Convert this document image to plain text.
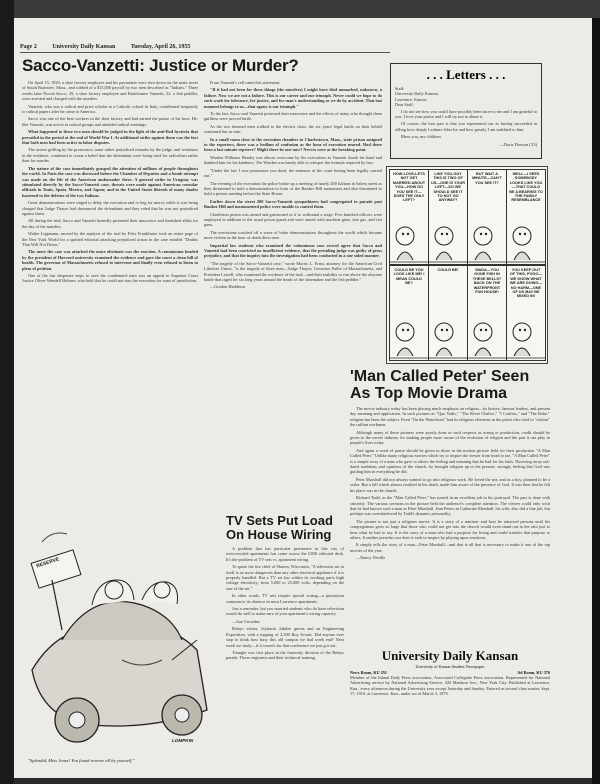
Page 2	University Daily Kansan	Tuesday, April 26, 1955
Sacco-Vanzetti: Justice or Murder?

On April 15, 1920, a shoe factory employee and his paymaster were shot down on the main street of South Braintree, Mass., and robbed of a $15,000 payroll by two men described as "Italians." Three weeks later Nicola Sacco, 29, a shoe factory employee and Bartolomeo Vanzetti, 32, a fish peddler, were arrested and charged with the murders.

Vanzetti, who was a radical and prize scholar at a Catholic school in Italy, contributed frequently to radical papers after he came to America.

Sacco was one of the best workers in the shoe factory and had earned the praise of his boss. He, like Vanzetti, was active in radical groups and attended radical meetings.

What happened to these two men should be judged in the light of the anti-Red hysteria that prevailed in the period at the end of World War I. At additional strike against them was the fact that both men had been active in labor disputes.

The severe grilling by the prosecutor, some rather prejudiced remarks by the judge, and weakness in the evidence, combined to create a belief that the defendants were being tried for radicalism rather than for murder.

The nature of the case immediately grasped the attention of millions of people throughout the world. In Paris the case was discussed before the Chamber of Deputies and a bomb attempt was made on the life of the American ambassador there. A general strike in Uruguay was stimulated directly by the Sacco-Vanzetti case; threats were made against American consular officials in Tunis, Spain, Mexico, and Japan; and in the United States liberals of many shades hastened to the defense of the two Italians.

Great demonstrations were staged to delay the execution and to beg for mercy while it was being charged that Judge Thayer had denounced the defendants and they ruled that he was not prejudiced against them.

All during the trial, Sacco and Vanzetti heatedly protested their innocence and furnished alibis for the day of the murders.

Walter Lippmann, moved by the analysis of the trial by Felix Frankfurter took an entire page of the New York World for a spirited editorial attacking prejudiced action in the case entitled "Doubts That Will Not Down."

The more the case was attacked the more obstinate was the reaction. A commission headed by the president of Harvard university examined the evidence and gave the court a clean bill of health. The governor of Massachusetts refused to intervene and finally even refused to listen to pleas of petition.

One of the last desperate steps to save the condemned men was an appeal to Supreme Court Justice Oliver Wendell Holmes, who held that he could not stay the execution for want of jurisdiction.

From Vanzetti's cell came this statement:

"If it had not been for these things (the murders) I might have died unmarked, unknown, a failure. Now we are not a failure. This is our career and our triumph. Never could we hope to do such work for tolerance, for justice, and for man's understanding as we do by accident. That last moment belongs to us—that agony is our triumph."

To the last, Sacco and Vanzetti protested their innocence and the effects of many who thought them guiltless were proved futile.

As the two doomed men walked to the electric chair, the six years' legal battle on their behalf continued but in vain.

In a small room close to the execution chamber in Charlestown, Mass., state prison assigned to the reporters, there was a bedlam of confusion as the hour of execution neared. Had there been a last minute reprieve? Might there be one now? Nerves were at the breaking point.

Warden Williams Hendry was almost overcome by the executions as Vanzetti shook his hand and thanked him for his kindness. The Warden was barely able to whisper the formula required by law:

"Under the law I now pronounce you dead, the sentence of the court having been legally carried out."

The evening of the execution the police broke up a meeting of nearly 200 Italians in Salem street as they threatened to hold a demonstration in front of the Bunker Hill monument and also threatened to hold a protest meeting before the State House.

Earlier down the street 200 Sacco-Vanzetti sympathizers had congregated to parade past Bunker Hill and monumented police were unable to control them.

Charleston prison was armed and garrisoned as if to withstand a siege. Five hundred officers were employed in addition to the usual prison guard and were armed with machine guns, tear gas, and riot guns.

The executions touched off a wave of bitter demonstrations throughout the world which became more violent as the hour of death drew near.

Impartial law students who examined the voluminous case record agree that Sacco and Vanzetti had been convicted on insufficient evidence, that the presiding judge was guilty of gross prejudice, and that the inquiry into the investigation had been conducted in a one sided manner.

"The tragedy of the Sacco-Vanzetti case," wrote Morris L. Ernst, attorney for the American Civil Liberties Union, "is the tragedy of three men—Judge Thayer, Governor Fuller of Massachusetts, and President Lowell, who examined the evidence of the trial—and their inability to rise above the obscene battle that raged for six long years around the heads of the shoemaker and the fish peddler."

—Gordon Haddison

. . . Letters . . .
Staff:
University Daily Kansan,
Lawrence, Kansas
Dear Staff:

I do not see how you could have possibly been nicer to me and I am grateful to you. I love your praise and I will try not to abuse it.

Of course, the best part is that you represented me as having succeeded in telling how deeply I admire John Ise and how greatly I am indebted to him.

Bless you, my children.

—Doris Fleeson ('23)
HOW-LOVE-LETS NOT GET MARRIED ABOUT YOU—HOW DO YOU SEE IT—DOES THE ONLY LEFT?
LIKE YOU-GUY THIS IS TWO OF US—ONE IS YOUR LEFT—SO WE SHOULD SEE IT TO NOT GO ANYWAY?
BUT WAIT A MINUTE—CAN'T YOU SEE IT?
WELL—I SEES SOMEBODY LOOKS LIKE YOU—THAT COULD BE A BEARING TO THE FAMILY RESEMBLANCE
COULD BE YOU LOOK LIKE ME! I MEAN COULD BE?
COULD BE!	WADA—YOU GONE FISH IN THESE BELLS? BACK ON THE WATERFRONT FUN HOUSE!
YOU KEEP OUT OF THIS, POGO—WE KNOW WHAT WE ARE DOING—NO HARM—ONE OF US MAY BE MIXED IN!
'Man Called Peter' Seen As Top Movie Drama

The movie industry today has been placing much emphasis on religion—its history, famous leaders, and present day meaning and application. In such pictures as "Quo Vadis," "The Silver Chalice," "I Confess," and "The Robe," religion has been the subject. Even "On the Waterfront" had its religious elements in the priest who tried to "reform" the ruffian workmen.

Although many of these pictures were poorly done in such respects as acting or production, credit should be given to the movie industry for making people more aware of the evolution of religion and the part it can play in people's lives today.

And again a word of praise should be given to those in the motion picture field for their production "A Man Called Peter." Unlike many religious movies which try to inspire the viewer from head to toe, "A Man Called Peter" is a simple story of a man who gave to others the feeling and meaning that he had for his faith. Throwing away out-dated traditions and opinions of the church, he brought religion up to the present, strongly feeling that God was guiding him in everything he did.

Peter Marshall did not always wanted to go into religious work. He loved the sea, and as a boy, planned to be a sailor. But a fall which almost resulted in his death, made him aware of the presence of God. It was then that he felt his place was in the church.

Richard Todd, as the "Man Called Peter," has turned in an excellent job in his portrayal. The part is done with sincerity. The various sermons in the picture held the audience's complete attention. The viewer could only wish that he had known such a man as Peter Marshall. Jean Peters as Catherine Marshall, his wife, also did a fine job, but perhaps was overshadowed by Todd's dynamic personality.

The picture is not just a religious movie. It is a story of a minister and how he attracted persons until his congregations grew so large that those who could not get into the church would even stand out in the rain just to hear what he had to say. It is the story of a man who had a purpose for living and could transfer that purpose to others. It neither preaches nor does it seek to inspire by playing upon emotions.

It simply tells the story of a man—Peter Marshall—and that is all that is necessary to make it one of the top movies of the year.

—Nancy Neville

RESERVE
LOMPKIN
"Splendid, Miss Jones! You found reverse all by yourself."
TV Sets Put Load On House Wiring

A problem that has particular pertinence in this city of overcrowded apartments has come across the UDK editorial desk. It's the problem of TV sets vs. apartment wiring.

To quote the fire chief of Sharon, Wisconsin, "A television set in itself is no more dangerous than any other electrical appliance if it is properly handled. But a TV set has within its working parts high voltage electricity, from 5,000 to 25,000 volts, depending on the size of the set."

In other words, TV sets require special wiring—a precaution common to its absence in most Lawrence apartments.

Just a reminder, but you married students who do have television would do well to make sure of your apartment's wiring capacity.

—Sue Crowden

Relays visitor, Joyhawk Jubilee guests and an Engineering Exposition, with a topping of 2,500 Boy Scouts. Did anyone ever stop to think how busy this old campus we had week end? Next week we study—if it weren't for that conference we just got out.

Triangle was first place in the fraternity division of the Relays parade. Those engineers and their technical training.	University Daily Kansan
University of Kansas Student Newspaper
News Room, KU 251	Ad Room, KU 376
Member of the Inland Daily Press association, Associated Collegiate Press association. Represented for National Advertising service by National Advertising Service, 420 Madison Ave., New York City. Published at Lawrence, Kan., every afternoon during the University year except Saturday and Sunday. Entered as second class matter, Sept. 17, 1910, at Lawrence, Kan., under act of March 3, 1879.
